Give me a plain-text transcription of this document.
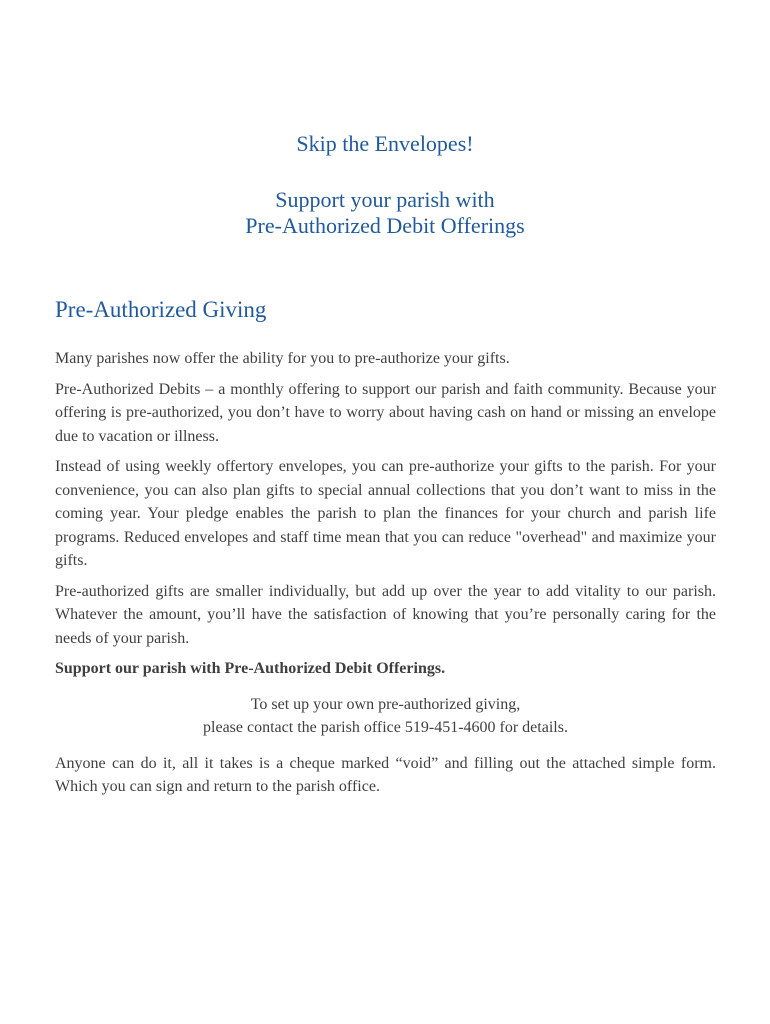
Skip the Envelopes!
Support your parish with
Pre-Authorized Debit Offerings
Pre-Authorized Giving

Many parishes now offer the ability for you to pre-authorize your gifts.

Pre-Authorized Debits – a monthly offering to support our parish and faith community. Because your offering is pre-authorized, you don’t have to worry about having cash on hand or missing an envelope due to vacation or illness.

Instead of using weekly offertory envelopes, you can pre-authorize your gifts to the parish. For your convenience, you can also plan gifts to special annual collections that you don’t want to miss in the coming year. Your pledge enables the parish to plan the finances for your church and parish life programs. Reduced envelopes and staff time mean that you can reduce "overhead" and maximize your gifts.

Pre-authorized gifts are smaller individually, but add up over the year to add vitality to our parish. Whatever the amount, you’ll have the satisfaction of knowing that you’re personally caring for the needs of your parish.

Support our parish with Pre-Authorized Debit Offerings.

To set up your own pre-authorized giving,
please contact the parish office 519-451-4600 for details.

Anyone can do it, all it takes is a cheque marked “void” and filling out the attached simple form. Which you can sign and return to the parish office.
